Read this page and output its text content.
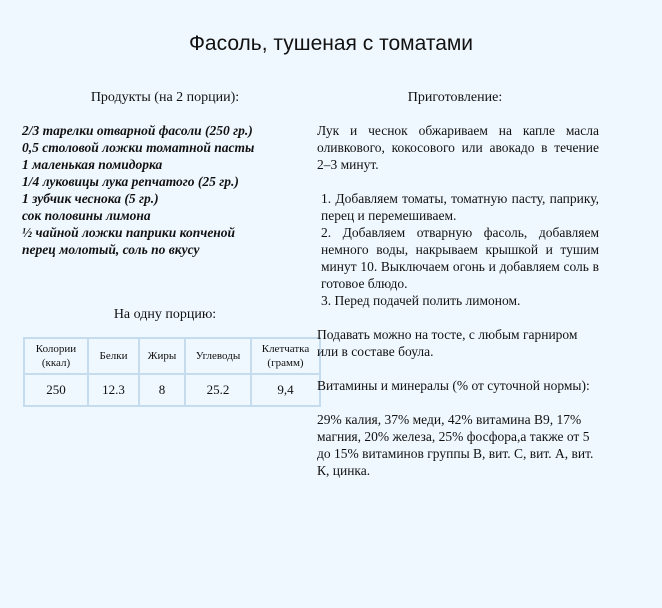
Фасоль, тушеная с томатами
Продукты (на 2 порции):
2/3 тарелки отварной фасоли (250 гр.)
0,5 столовой ложки томатной пасты
1 маленькая помидорка
1/4 луковицы лука репчатого (25 гр.)
1 зубчик чеснока (5 гр.)
сок половины лимона
½ чайной ложки паприки копченой
перец молотый, соль по вкусу
На одну порцию:
Колории (ккал)	Белки	Жиры	Углеводы	Клетчатка (грамм)
250	12.3	8	25.2	9,4
Приготовление:

Лук и чеснок обжариваем на капле масла оливкового, кокосового или авокадо в течение 2–3 минут.

1. Добавляем томаты, томатную пасту, паприку, перец и перемешиваем.

2. Добавляем отварную фасоль, добавляем немного воды, накрываем крышкой и тушим минут 10. Выключаем огонь и добавляем соль в готовое блюдо.

3. Перед подачей полить лимоном.

Подавать можно на тосте, с любым гарниром или в составе боула.

Витамины и минералы (% от суточной нормы):

29% калия, 37% меди, 42% витамина В9, 17% магния, 20% железа, 25% фосфора,а также от 5 до 15% витаминов группы В, вит. С, вит. А, вит. К, цинка.
